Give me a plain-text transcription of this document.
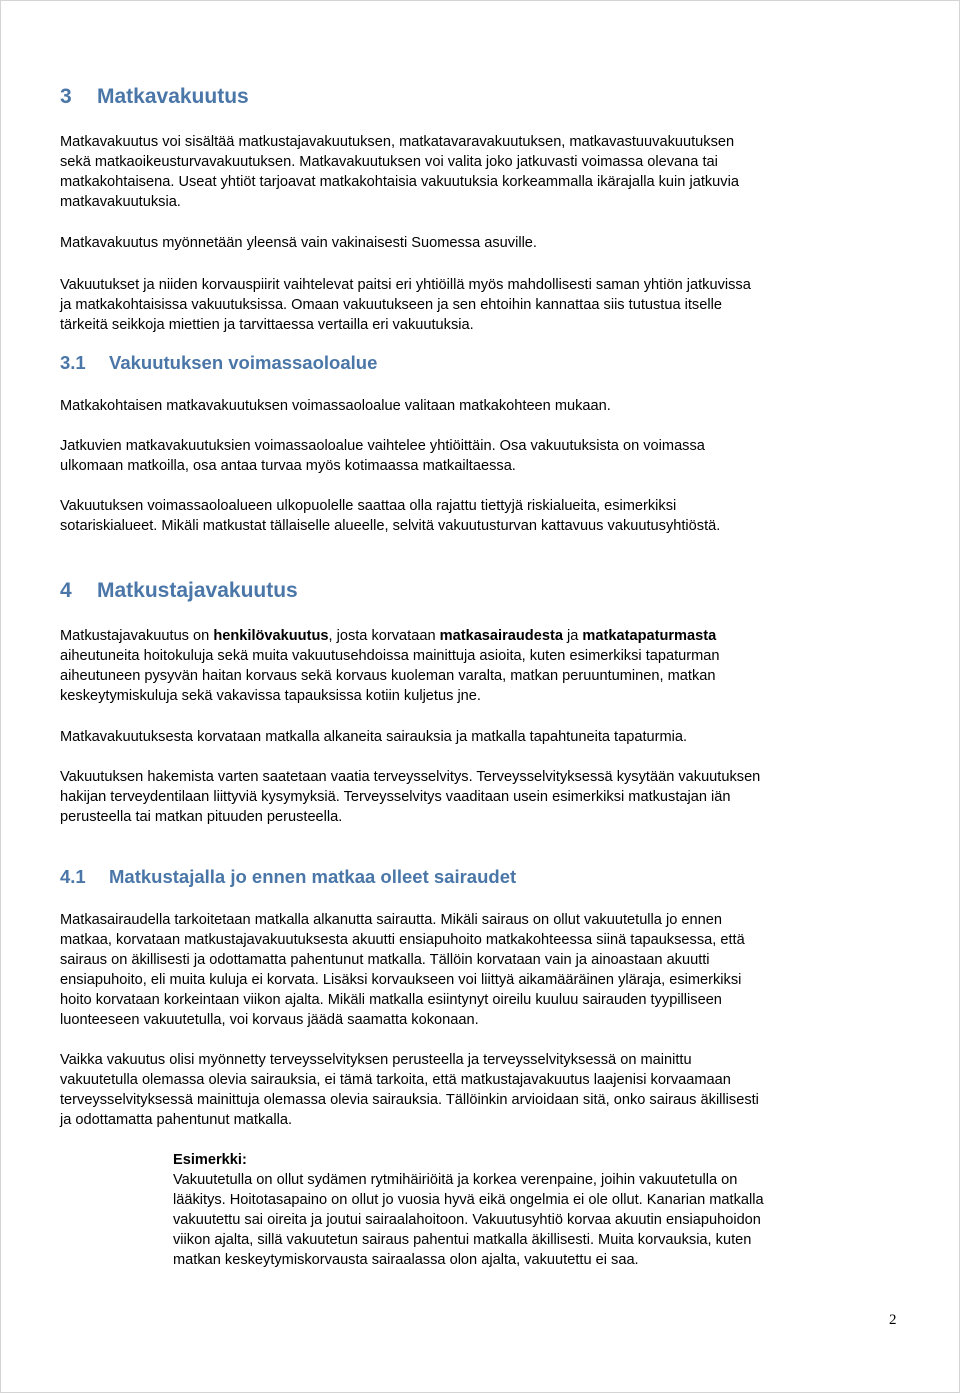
3 Matkavakuutus

Matkavakuutus voi sisältää matkustajavakuutuksen, matkatavaravakuutuksen, matkavastuuvakuutuksen
sekä matkaoikeusturvavakuutuksen. Matkavakuutuksen voi valita joko jatkuvasti voimassa olevana tai
matkakohtaisena. Useat yhtiöt tarjoavat matkakohtaisia vakuutuksia korkeammalla ikärajalla kuin jatkuvia
matkavakuutuksia.

Matkavakuutus myönnetään yleensä vain vakinaisesti Suomessa asuville.

Vakuutukset ja niiden korvauspiirit vaihtelevat paitsi eri yhtiöillä myös mahdollisesti saman yhtiön jatkuvissa
ja matkakohtaisissa vakuutuksissa. Omaan vakuutukseen ja sen ehtoihin kannattaa siis tutustua itselle
tärkeitä seikkoja miettien ja tarvittaessa vertailla eri vakuutuksia.

3.1 Vakuutuksen voimassaoloalue

Matkakohtaisen matkavakuutuksen voimassaoloalue valitaan matkakohteen mukaan.

Jatkuvien matkavakuutuksien voimassaoloalue vaihtelee yhtiöittäin. Osa vakuutuksista on voimassa
ulkomaan matkoilla, osa antaa turvaa myös kotimaassa matkailtaessa.

Vakuutuksen voimassaoloalueen ulkopuolelle saattaa olla rajattu tiettyjä riskialueita, esimerkiksi
sotariskialueet. Mikäli matkustat tällaiselle alueelle, selvitä vakuutusturvan kattavuus vakuutusyhtiöstä.

4 Matkustajavakuutus

Matkustajavakuutus on henkilövakuutus, josta korvataan matkasairaudesta ja matkatapaturmasta
aiheutuneita hoitokuluja sekä muita vakuutusehdoissa mainittuja asioita, kuten esimerkiksi tapaturman
aiheutuneen pysyvän haitan korvaus sekä korvaus kuoleman varalta, matkan peruuntuminen, matkan
keskeytymiskuluja sekä vakavissa tapauksissa kotiin kuljetus jne.

Matkavakuutuksesta korvataan matkalla alkaneita sairauksia ja matkalla tapahtuneita tapaturmia.

Vakuutuksen hakemista varten saatetaan vaatia terveysselvitys. Terveysselvityksessä kysytään vakuutuksen
hakijan terveydentilaan liittyviä kysymyksiä. Terveysselvitys vaaditaan usein esimerkiksi matkustajan iän
perusteella tai matkan pituuden perusteella.

4.1 Matkustajalla jo ennen matkaa olleet sairaudet

Matkasairaudella tarkoitetaan matkalla alkanutta sairautta. Mikäli sairaus on ollut vakuutetulla jo ennen
matkaa, korvataan matkustajavakuutuksesta akuutti ensiapuhoito matkakohteessa siinä tapauksessa, että
sairaus on äkillisesti ja odottamatta pahentunut matkalla. Tällöin korvataan vain ja ainoastaan akuutti
ensiapuhoito, eli muita kuluja ei korvata. Lisäksi korvaukseen voi liittyä aikamääräinen yläraja, esimerkiksi
hoito korvataan korkeintaan viikon ajalta. Mikäli matkalla esiintynyt oireilu kuuluu sairauden tyypilliseen
luonteeseen vakuutetulla, voi korvaus jäädä saamatta kokonaan.

Vaikka vakuutus olisi myönnetty terveysselvityksen perusteella ja terveysselvityksessä on mainittu
vakuutetulla olemassa olevia sairauksia, ei tämä tarkoita, että matkustajavakuutus laajenisi korvaamaan
terveysselvityksessä mainittuja olemassa olevia sairauksia. Tällöinkin arvioidaan sitä, onko sairaus äkillisesti
ja odottamatta pahentunut matkalla.

Esimerkki:
Vakuutetulla on ollut sydämen rytmihäiriöitä ja korkea verenpaine, joihin vakuutetulla on
lääkitys. Hoitotasapaino on ollut jo vuosia hyvä eikä ongelmia ei ole ollut. Kanarian matkalla
vakuutettu sai oireita ja joutui sairaalahoitoon. Vakuutusyhtiö korvaa akuutin ensiapuhoidon
viikon ajalta, sillä vakuutetun sairaus pahentui matkalla äkillisesti. Muita korvauksia, kuten
matkan keskeytymiskorvausta sairaalassa olon ajalta, vakuutettu ei saa.
2
